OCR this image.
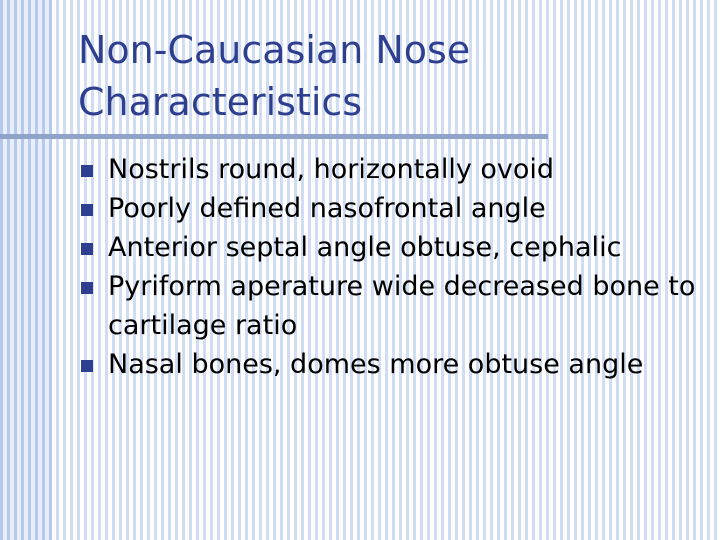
Non-Caucasian Nose
Characteristics
Nostrils round, horizontally ovoid
Poorly defined nasofrontal angle
Anterior septal angle obtuse, cephalic
Pyriform aperature wide decreased bone to cartilage ratio
Nasal bones, domes more obtuse angle
